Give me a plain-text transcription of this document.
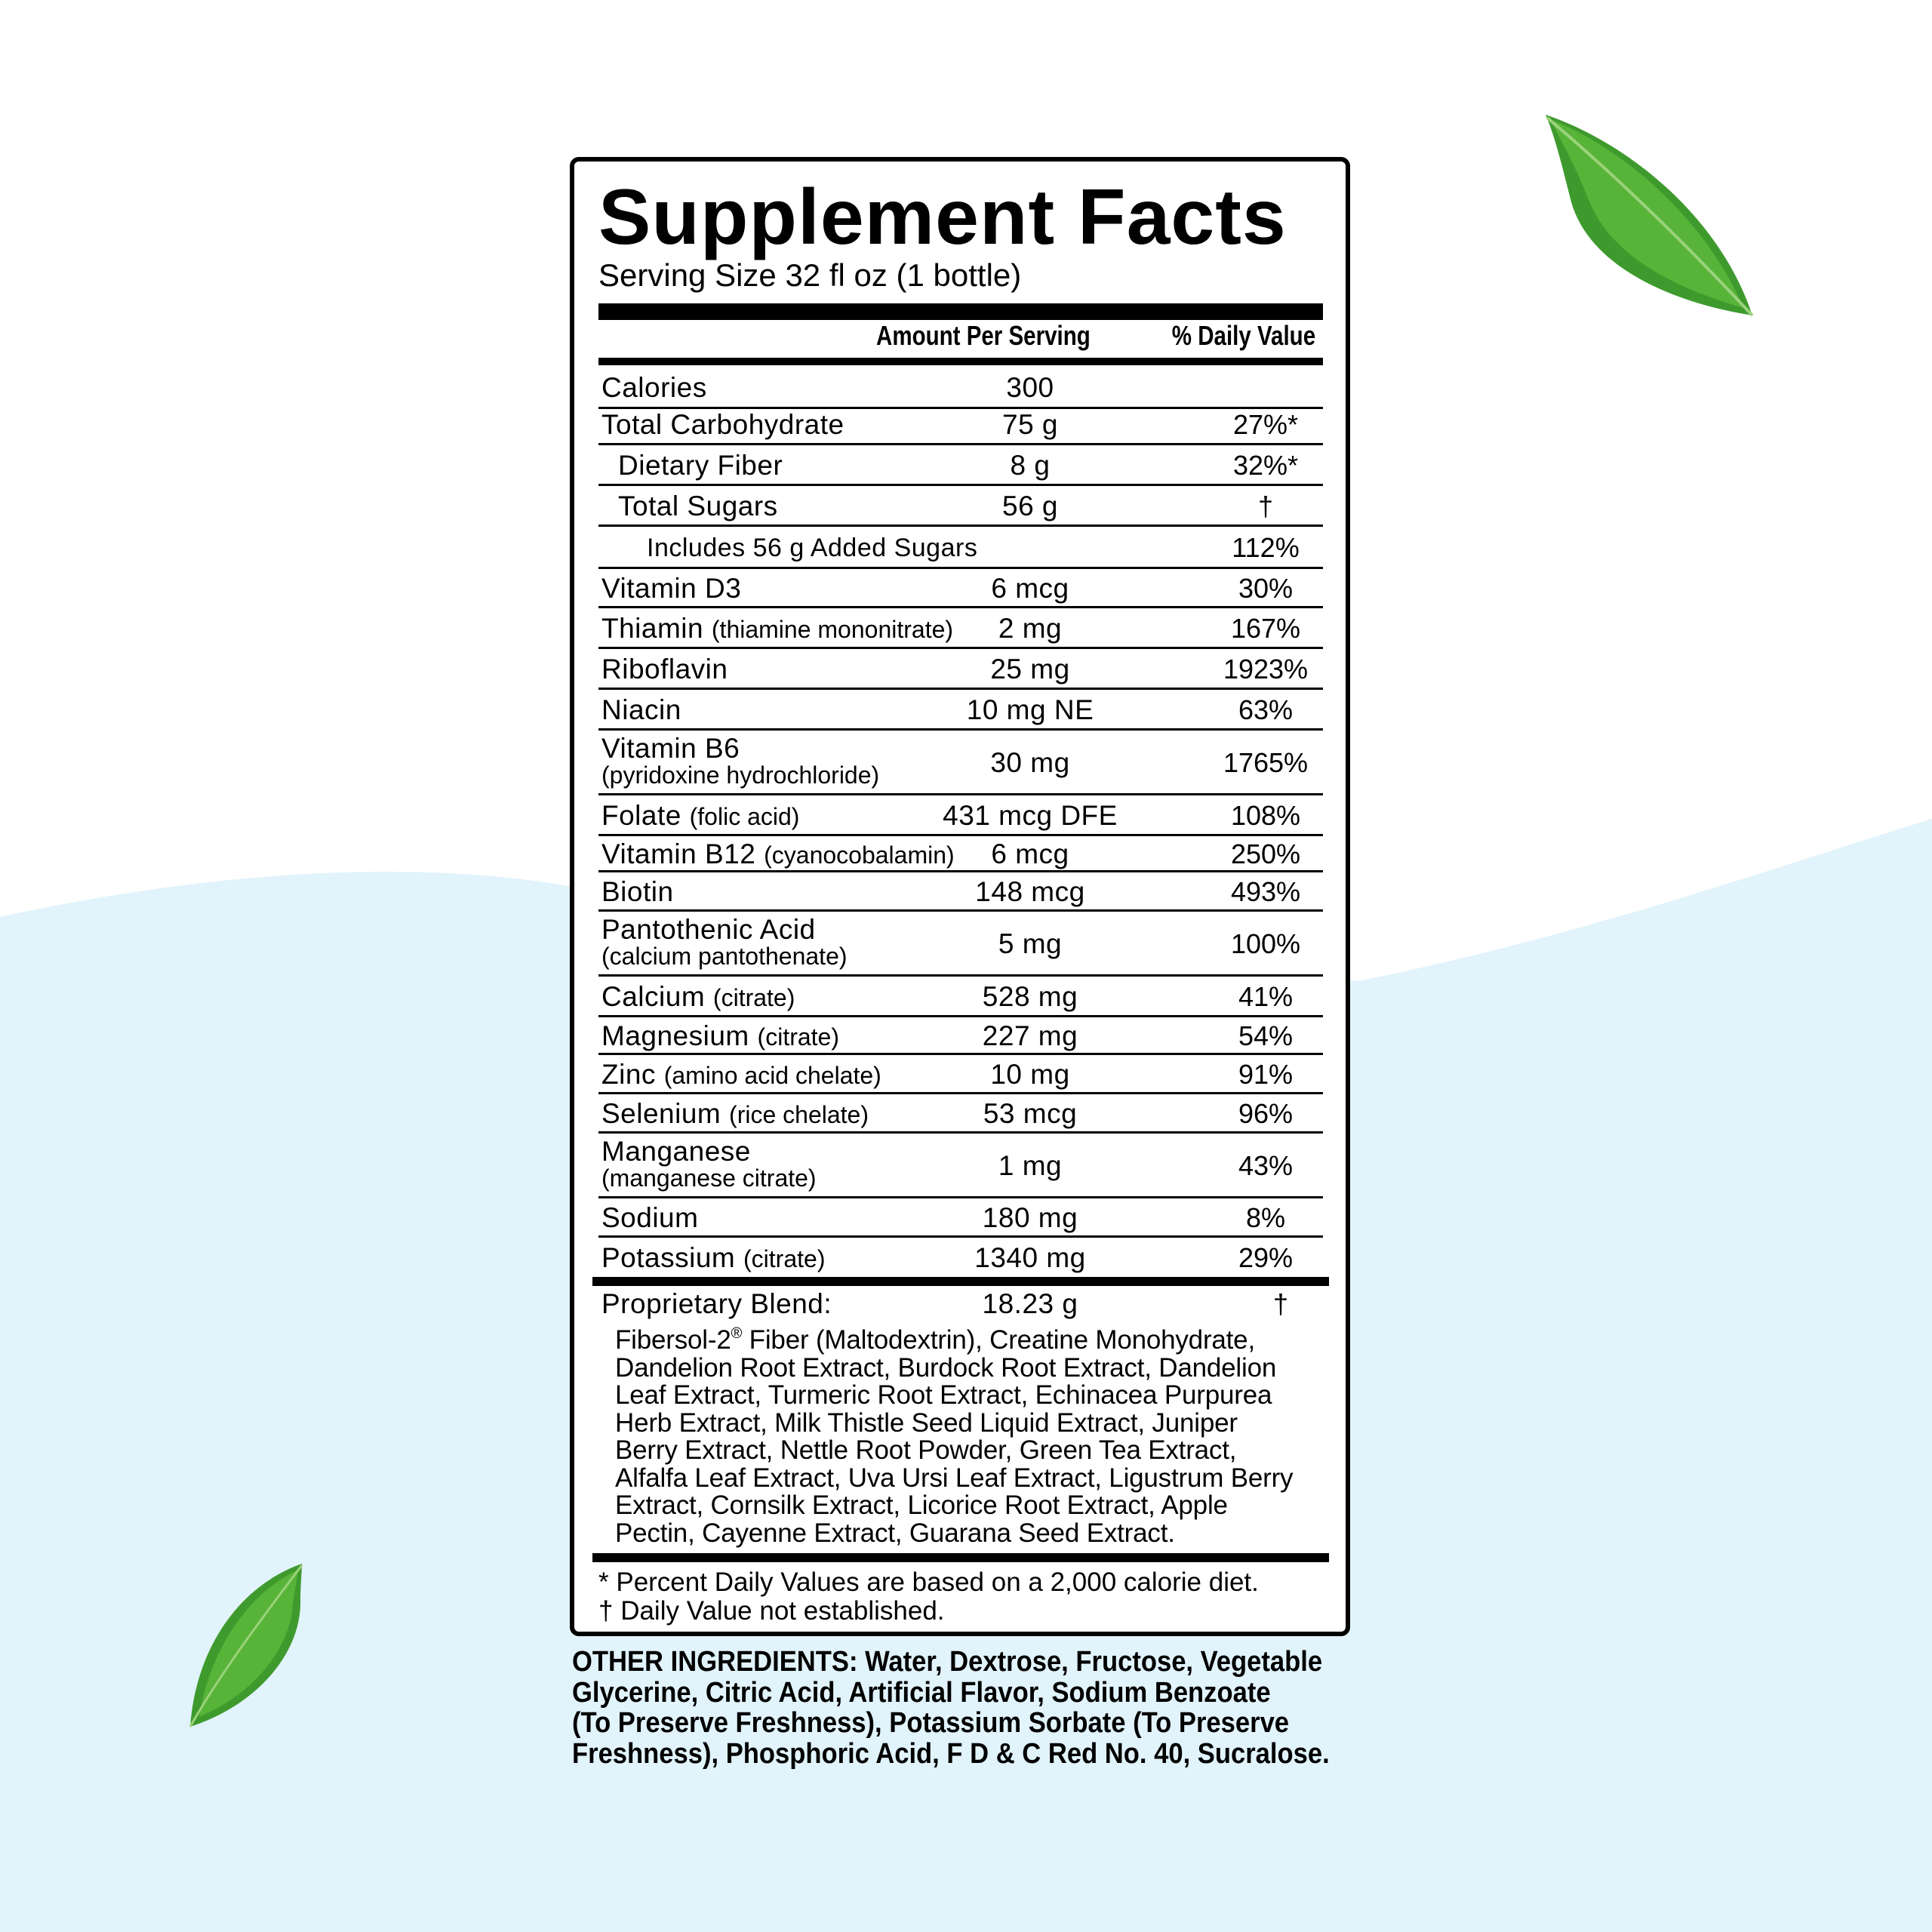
Supplement Facts
Serving Size 32 fl oz (1 bottle)
Amount Per Serving	% Daily Value
Calories	300
Total Carbohydrate	75 g	27%*
Dietary Fiber	8 g	32%*
Total Sugars	56 g	†
Includes 56 g Added Sugars	112%
Vitamin D3	6 mcg	30%
Thiamin (thiamine mononitrate) 2 mg	167%
Riboflavin	25 mg	1923%
Niacin	10 mg NE	63%
Vitamin B6
(pyridoxine hydrochloride)	30 mg	1765%
Folate (folic acid)	431 mcg DFE	108%
Vitamin B12 (cyanocobalamin) 6 mcg	250%
Biotin	148 mcg	493%
Pantothenic Acid
(calcium pantothenate)	5 mg	100%
Calcium (citrate)	528 mg	41%
Magnesium (citrate)	227 mg	54%
Zinc (amino acid chelate)	10 mg	91%
Selenium (rice chelate)	53 mcg	96%
Manganese
(manganese citrate)	1 mg	43%
Sodium	180 mg	8%
Potassium (citrate)	1340 mg	29%
Proprietary Blend:	18.23 g	†
Fibersol-2® Fiber (Maltodextrin), Creatine Monohydrate,
Dandelion Root Extract, Burdock Root Extract, Dandelion
Leaf Extract, Turmeric Root Extract, Echinacea Purpurea
Herb Extract, Milk Thistle Seed Liquid Extract, Juniper
Berry Extract, Nettle Root Powder, Green Tea Extract,
Alfalfa Leaf Extract, Uva Ursi Leaf Extract, Ligustrum Berry
Extract, Cornsilk Extract, Licorice Root Extract, Apple
Pectin, Cayenne Extract, Guarana Seed Extract.
* Percent Daily Values are based on a 2,000 calorie diet.
† Daily Value not established.
OTHER INGREDIENTS: Water, Dextrose, Fructose, Vegetable
Glycerine, Citric Acid, Artificial Flavor, Sodium Benzoate
(To Preserve Freshness), Potassium Sorbate (To Preserve
Freshness), Phosphoric Acid, F D & C Red No. 40, Sucralose.
